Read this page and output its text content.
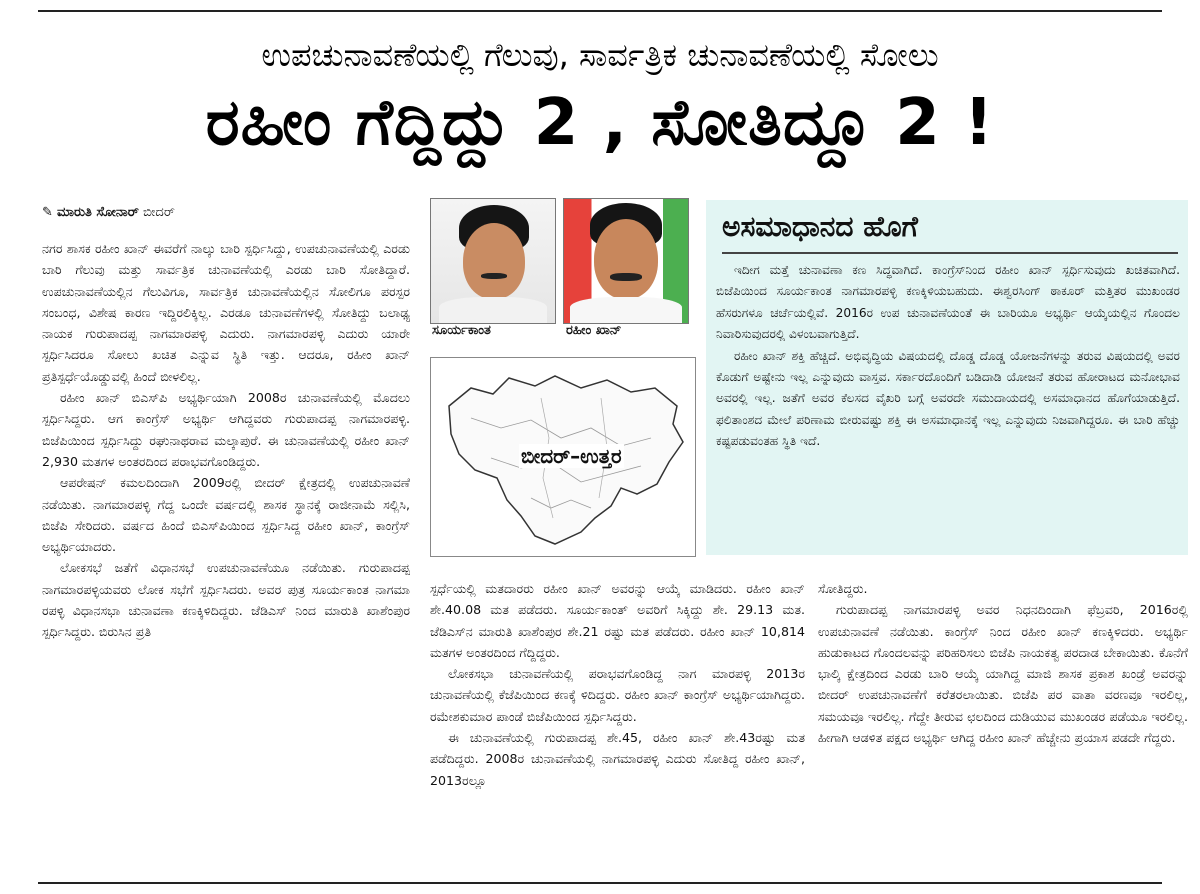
ಉಪಚುನಾವಣೆಯಲ್ಲಿ ಗೆಲುವು, ಸಾರ್ವತ್ರಿಕ ಚುನಾವಣೆಯಲ್ಲಿ ಸೋಲು
ರಹೀಂ ಗೆದ್ದಿದ್ದು 2 , ಸೋತಿದ್ದೂ 2 !
✎ ಮಾರುತಿ ಸೋನಾರ್ ಬೀದರ್

ನಗರ ಶಾಸಕ ರಹೀಂ ಖಾನ್ ಈವರೆಗೆ ನಾಲ್ಕು ಬಾರಿ ಸ್ಪರ್ಧಿಸಿದ್ದು, ಉಪಚುನಾವಣೆಯಲ್ಲಿ ಎರಡು ಬಾರಿ ಗೆಲುವು ಮತ್ತು ಸಾರ್ವತ್ರಿಕ ಚುನಾವಣೆಯಲ್ಲಿ ಎರಡು ಬಾರಿ ಸೋತಿದ್ದಾರೆ. ಉಪಚುನಾವಣೆಯಲ್ಲಿನ ಗೆಲುವಿಗೂ, ಸಾರ್ವತ್ರಿಕ ಚುನಾವಣೆಯಲ್ಲಿನ ಸೋಲಿಗೂ ಪರಸ್ಪರ ಸಂಬಂಧ, ವಿಶೇಷ ಕಾರಣ ಇದ್ದಿರಲಿಕ್ಕಿಲ್ಲ. ಎರಡೂ ಚುನಾವಣೆಗಳಲ್ಲಿ ಸೋತಿದ್ದು ಬಲಾಢ್ಯ ನಾಯಕ ಗುರುಪಾದಪ್ಪ ನಾಗಮಾರಪಳ್ಳಿ ಎದುರು. ನಾಗಮಾರಪಳ್ಳಿ ಎದುರು ಯಾರೇ ಸ್ಪರ್ಧಿಸಿದರೂ ಸೋಲು ಖಚಿತ ಎನ್ನುವ ಸ್ಥಿತಿ ಇತ್ತು. ಆದರೂ, ರಹೀಂ ಖಾನ್ ಪ್ರತಿಸ್ಪರ್ಧೆಯೊಡ್ಡುವಲ್ಲಿ ಹಿಂದೆ ಬೀಳಲಿಲ್ಲ.

ರಹೀಂ ಖಾನ್ ಬಿಎಸ್‌ಪಿ ಅಭ್ಯರ್ಥಿಯಾಗಿ 2008ರ ಚುನಾವಣೆಯಲ್ಲಿ ಮೊದಲು ಸ್ಪರ್ಧಿಸಿದ್ದರು. ಆಗ ಕಾಂಗ್ರೆಸ್ ಅಭ್ಯರ್ಥಿ ಆಗಿದ್ದವರು ಗುರುಪಾದಪ್ಪ ನಾಗಮಾರಪಳ್ಳಿ. ಬಿಜೆಪಿಯಿಂದ ಸ್ಪರ್ಧಿಸಿದ್ದು ರಘುನಾಥರಾವ ಮಲ್ಕಾಪುರೆ. ಈ ಚುನಾವಣೆಯಲ್ಲಿ ರಹೀಂ ಖಾನ್ 2,930 ಮತಗಳ ಅಂತರದಿಂದ ಪರಾಭವಗೊಂಡಿದ್ದರು.

ಆಪರೇಷನ್ ಕಮಲದಿಂದಾಗಿ 2009ರಲ್ಲಿ ಬೀದರ್ ಕ್ಷೇತ್ರದಲ್ಲಿ ಉಪಚುನಾವಣೆ ನಡೆಯಿತು. ನಾಗಮಾರಪಳ್ಳಿ ಗೆದ್ದ ಒಂದೇ ವರ್ಷದಲ್ಲಿ ಶಾಸಕ ಸ್ಥಾನಕ್ಕೆ ರಾಜೀನಾಮೆ ಸಲ್ಲಿಸಿ, ಬಿಜೆಪಿ ಸೇರಿದರು. ವರ್ಷದ ಹಿಂದೆ ಬಿಎಸ್‌ಪಿಯಿಂದ ಸ್ಪರ್ಧಿಸಿದ್ದ ರಹೀಂ ಖಾನ್, ಕಾಂಗ್ರೆಸ್ ಅಭ್ಯರ್ಥಿಯಾದರು.

ಲೋಕಸಭೆ ಜತೆಗೆ ವಿಧಾನಸಭೆ ಉಪಚುನಾವಣೆಯೂ ನಡೆಯಿತು. ಗುರುಪಾದಪ್ಪ ನಾಗಮಾರಪಳ್ಳಿಯವರು ಲೋಕ ಸಭೆಗೆ ಸ್ಪರ್ಧಿಸಿದರು. ಅವರ ಪುತ್ರ ಸೂರ್ಯಕಾಂತ ನಾಗಮಾ ರಪಳ್ಳಿ ವಿಧಾನಸಭಾ ಚುನಾವಣಾ ಕಣಕ್ಕಿಳಿದಿದ್ದರು. ಜೆಡಿಎಸ್ ನಿಂದ ಮಾರುತಿ ಖಾಶೆಂಪುರ ಸ್ಪರ್ಧಿಸಿದ್ದರು. ಬಿರುಸಿನ ಪ್ರತಿ

ಸೂರ್ಯಕಾಂತ	ರಹೀಂ ಖಾನ್
ಬೀದರ್–ಉತ್ತರ
ಅಸಮಾಧಾನದ ಹೊಗೆ

ಇದೀಗ ಮತ್ತೆ ಚುನಾವಣಾ ಕಣ ಸಿದ್ಧವಾಗಿದೆ. ಕಾಂಗ್ರೆಸ್‌ನಿಂದ ರಹೀಂ ಖಾನ್ ಸ್ಪರ್ಧಿಸುವುದು ಖಚಿತವಾಗಿದೆ. ಬಿಜೆಪಿಯಿಂದ ಸೂರ್ಯಕಾಂತ ನಾಗಮಾರಪಳ್ಳಿ ಕಣಕ್ಕಿಳಿಯಬಹುದು. ಈಶ್ವರಸಿಂಗ್ ಠಾಕೂರ್ ಮತ್ತಿತರ ಮುಖಂಡರ ಹೆಸರುಗಳೂ ಚರ್ಚೆಯಲ್ಲಿವೆ. 2016ರ ಉಪ ಚುನಾವಣೆಯಂತೆ ಈ ಬಾರಿಯೂ ಅಭ್ಯರ್ಥಿ ಆಯ್ಕೆಯಲ್ಲಿನ ಗೊಂದಲ ನಿವಾರಿಸುವುದರಲ್ಲಿ ವಿಳಂಬವಾಗುತ್ತಿದೆ.

ರಹೀಂ ಖಾನ್ ಶಕ್ತಿ ಹೆಚ್ಚಿದೆ. ಅಭಿವೃದ್ಧಿಯ ವಿಷಯದಲ್ಲಿ ದೊಡ್ಡ ದೊಡ್ಡ ಯೋಜನೆಗಳನ್ನು ತರುವ ವಿಷಯದಲ್ಲಿ ಅವರ ಕೊಡುಗೆ ಅಷ್ಟೇನು ಇಲ್ಲ ಎನ್ನುವುದು ವಾಸ್ತವ. ಸರ್ಕಾರದೊಂದಿಗೆ ಬಡಿದಾಡಿ ಯೋಜನೆ ತರುವ ಹೋರಾಟದ ಮನೋಭಾವ ಅವರಲ್ಲಿ ಇಲ್ಲ. ಜತೆಗೆ ಅವರ ಕೆಲಸದ ವೈಖರಿ ಬಗ್ಗೆ ಅವರದೇ ಸಮುದಾಯದಲ್ಲಿ ಅಸಮಾಧಾನದ ಹೊಗೆಯಾಡುತ್ತಿದೆ. ಫಲಿತಾಂಶದ ಮೇಲೆ ಪರಿಣಾಮ ಬೀರುವಷ್ಟು ಶಕ್ತಿ ಈ ಅಸಮಾಧಾನಕ್ಕೆ ಇಲ್ಲ ಎನ್ನುವುದು ನಿಜವಾಗಿದ್ದರೂ. ಈ ಬಾರಿ ಹೆಚ್ಚು ಕಷ್ಟಪಡುವಂತಹ ಸ್ಥಿತಿ ಇದೆ.

ಸ್ಪರ್ಧೆಯಲ್ಲಿ ಮತದಾರರು ರಹೀಂ ಖಾನ್ ಅವರನ್ನು ಆಯ್ಕೆ ಮಾಡಿದರು. ರಹೀಂ ಖಾನ್ ಶೇ.40.08 ಮತ ಪಡೆದರು. ಸೂರ್ಯಕಾಂತ್ ಅವರಿಗೆ ಸಿಕ್ಕಿದ್ದು ಶೇ. 29.13 ಮತ. ಜೆಡಿಎಸ್‌ನ ಮಾರುತಿ ಖಾಶೆಂಪುರ ಶೇ.21 ರಷ್ಟು ಮತ ಪಡೆದರು. ರಹೀಂ ಖಾನ್ 10,814 ಮತಗಳ ಅಂತರದಿಂದ ಗೆದ್ದಿದ್ದರು.

ಲೋಕಸಭಾ ಚುನಾವಣೆಯಲ್ಲಿ ಪರಾಭವಗೊಂಡಿದ್ದ ನಾಗ ಮಾರಪಳ್ಳಿ 2013ರ ಚುನಾವಣೆಯಲ್ಲಿ ಕೆಜೆಪಿಯಿಂದ ಕಣಕ್ಕೆ ಳಿದಿದ್ದರು. ರಹೀಂ ಖಾನ್ ಕಾಂಗ್ರೆಸ್ ಅಭ್ಯರ್ಥಿಯಾಗಿದ್ದರು. ರಮೇಶಕುಮಾರ ಪಾಂಡೆ ಬಿಜೆಪಿಯಿಂದ ಸ್ಪರ್ಧಿಸಿದ್ದರು.

ಈ ಚುನಾವಣೆಯಲ್ಲಿ ಗುರುಪಾದಪ್ಪ ಶೇ.45, ರಹೀಂ ಖಾನ್ ಶೇ.43ರಷ್ಟು ಮತ ಪಡೆದಿದ್ದರು. 2008ರ ಚುನಾವಣೆಯಲ್ಲಿ ನಾಗಮಾರಪಳ್ಳಿ ಎದುರು ಸೋತಿದ್ದ ರಹೀಂ ಖಾನ್, 2013ರಲ್ಲೂ

ಸೋತಿದ್ದರು.

ಗುರುಪಾದಪ್ಪ ನಾಗಮಾರಪಳ್ಳಿ ಅವರ ನಿಧನದಿಂದಾಗಿ ಫೆಬ್ರವರಿ, 2016ರಲ್ಲಿ ಉಪಚುನಾವಣೆ ನಡೆಯಿತು. ಕಾಂಗ್ರೆಸ್ ನಿಂದ ರಹೀಂ ಖಾನ್ ಕಣಕ್ಕಿಳಿದರು. ಅಭ್ಯರ್ಥಿ ಹುಡುಕಾಟದ ಗೊಂದಲವನ್ನು ಪರಿಹರಿಸಲು ಬಿಜೆಪಿ ನಾಯಕತ್ವ ಪರದಾಡ ಬೇಕಾಯಿತು. ಕೊನೆಗೆ ಭಾಲ್ಕಿ ಕ್ಷೇತ್ರದಿಂದ ಎರಡು ಬಾರಿ ಆಯ್ಕೆ ಯಾಗಿದ್ದ ಮಾಜಿ ಶಾಸಕ ಪ್ರಕಾಶ ಖಂಡ್ರೆ ಅವರನ್ನು ಬೀದರ್ ಉಪಚುನಾವಣೆಗೆ ಕರೆತರಲಾಯಿತು. ಬಿಜೆಪಿ ಪರ ವಾತಾ ವರಣವೂ ಇರಲಿಲ್ಲ, ಸಮಯವೂ ಇರಲಿಲ್ಲ. ಗೆದ್ದೇ ತೀರುವ ಛಲದಿಂದ ದುಡಿಯುವ ಮುಖಂಡರ ಪಡೆಯೂ ಇರಲಿಲ್ಲ. ಹೀಗಾಗಿ ಆಡಳಿತ ಪಕ್ಷದ ಅಭ್ಯರ್ಥಿ ಆಗಿದ್ದ ರಹೀಂ ಖಾನ್ ಹೆಚ್ಚೇನು ಪ್ರಯಾಸ ಪಡದೇ ಗೆದ್ದರು.
